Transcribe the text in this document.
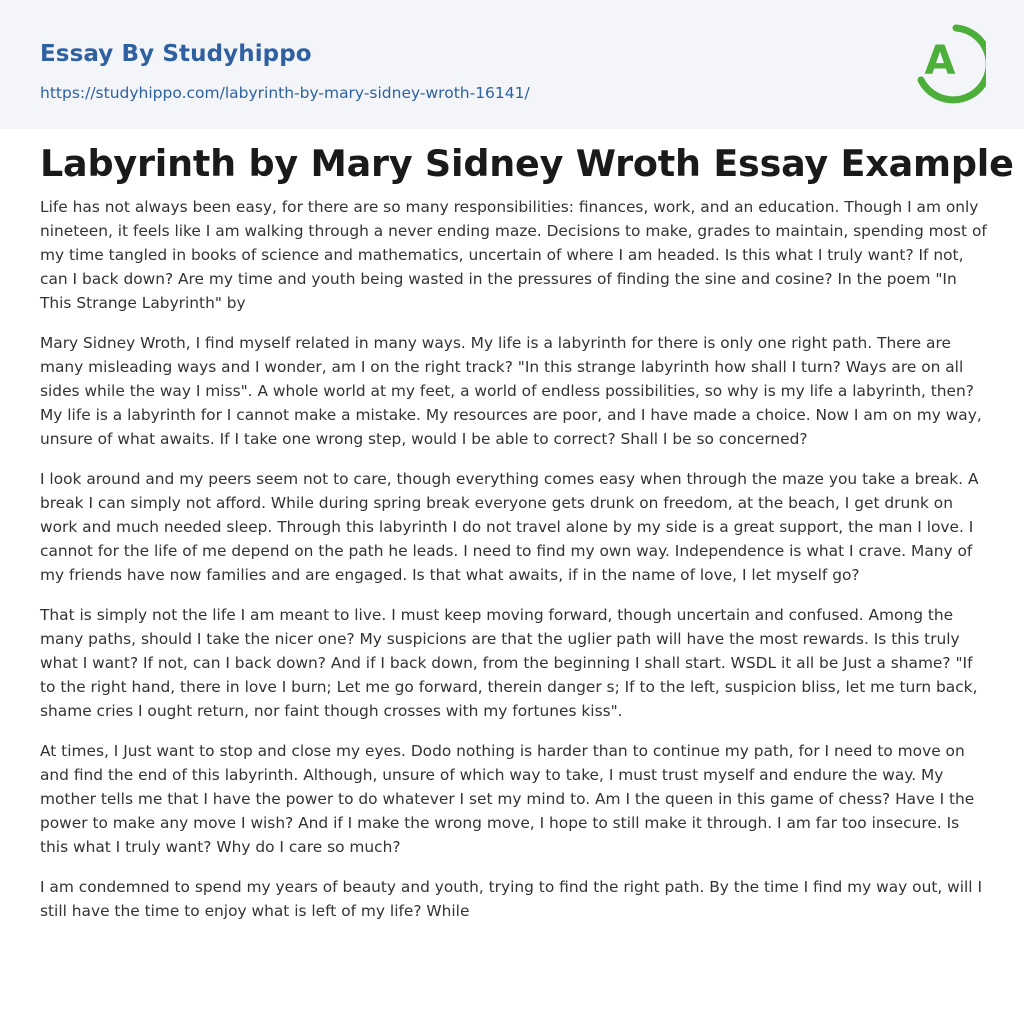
Essay By Studyhippo
https://studyhippo.com/labyrinth-by-mary-sidney-wroth-16141/
A
Labyrinth by Mary Sidney Wroth Essay Example

Life has not always been easy, for there are so many responsibilities: finances, work, and an education. Though I am only nineteen, it feels like I am walking through a never ending maze. Decisions to make, grades to maintain, spending most of my time tangled in books of science and mathematics, uncertain of where I am headed. Is this what I truly want? If not, can I back down? Are my time and youth being wasted in the pressures of finding the sine and cosine? In the poem "In This Strange Labyrinth" by

Mary Sidney Wroth, I find myself related in many ways. My life is a labyrinth for there is only one right path. There are many misleading ways and I wonder, am I on the right track? "In this strange labyrinth how shall I turn? Ways are on all sides while the way I miss". A whole world at my feet, a world of endless possibilities, so why is my life a labyrinth, then? My life is a labyrinth for I cannot make a mistake. My resources are poor, and I have made a choice. Now I am on my way, unsure of what awaits. If I take one wrong step, would I be able to correct? Shall I be so concerned?

I look around and my peers seem not to care, though everything comes easy when through the maze you take a break. A break I can simply not afford. While during spring break everyone gets drunk on freedom, at the beach, I get drunk on work and much needed sleep. Through this labyrinth I do not travel alone by my side is a great support, the man I love. I cannot for the life of me depend on the path he leads. I need to find my own way. Independence is what I crave. Many of my friends have now families and are engaged. Is that what awaits, if in the name of love, I let myself go?

That is simply not the life I am meant to live. I must keep moving forward, though uncertain and confused. Among the many paths, should I take the nicer one? My suspicions are that the uglier path will have the most rewards. Is this truly what I want? If not, can I back down? And if I back down, from the beginning I shall start. WSDL it all be Just a shame? "If to the right hand, there in love I burn; Let me go forward, therein danger s; If to the left, suspicion bliss, let me turn back, shame cries I ought return, nor faint though crosses with my fortunes kiss".

At times, I Just want to stop and close my eyes. Dodo nothing is harder than to continue my path, for I need to move on and find the end of this labyrinth. Although, unsure of which way to take, I must trust myself and endure the way. My mother tells me that I have the power to do whatever I set my mind to. Am I the queen in this game of chess? Have I the power to make any move I wish? And if I make the wrong move, I hope to still make it through. I am far too insecure. Is this what I truly want? Why do I care so much?

I am condemned to spend my years of beauty and youth, trying to find the right path. By the time I find my way out, will I still have the time to enjoy what is left of my life? While
